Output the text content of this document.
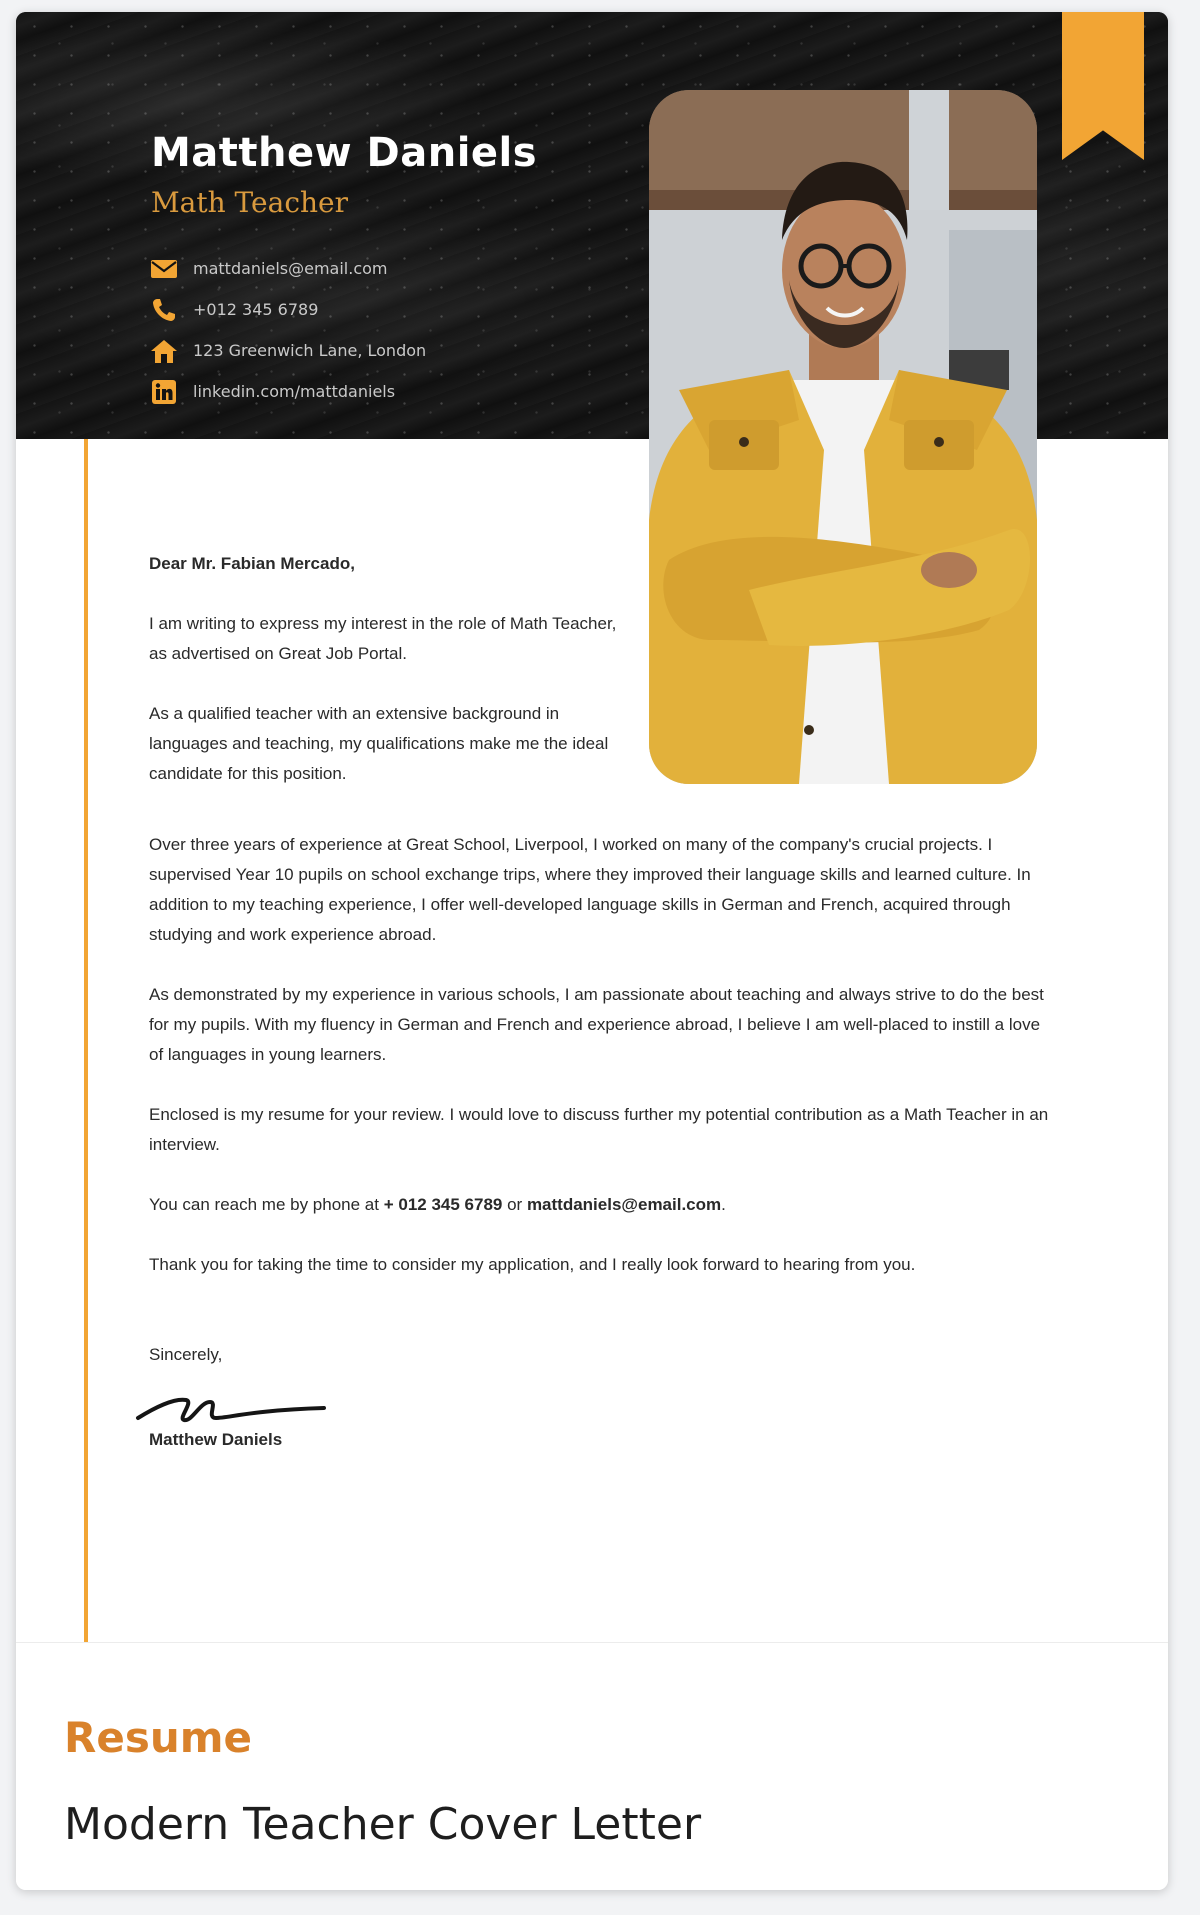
Matthew Daniels
Math Teacher
mattdaniels@email.com
+012 345 6789
123 Greenwich Lane, London
linkedin.com/mattdaniels
Dear Mr. Fabian Mercado,
I am writing to express my interest in the role of Math Teacher, as advertised on Great Job Portal.
As a qualified teacher with an extensive background in languages and teaching, my qualifications make me the ideal candidate for this position.
Over three years of experience at Great School, Liverpool, I worked on many of the company's crucial projects. I supervised Year 10 pupils on school exchange trips, where they improved their language skills and learned culture. In addition to my teaching experience, I offer well-developed language skills in German and French, acquired through studying and work experience abroad.
As demonstrated by my experience in various schools, I am passionate about teaching and always strive to do the best for my pupils. With my fluency in German and French and experience abroad, I believe I am well-placed to instill a love of languages in young learners.
Enclosed is my resume for your review. I would love to discuss further my potential contribution as a Math Teacher in an interview.
You can reach me by phone at + 012 345 6789 or mattdaniels@email.com.
Thank you for taking the time to consider my application, and I really look forward to hearing from you.
Sincerely,
Matthew Daniels
Resume
Modern Teacher Cover Letter
